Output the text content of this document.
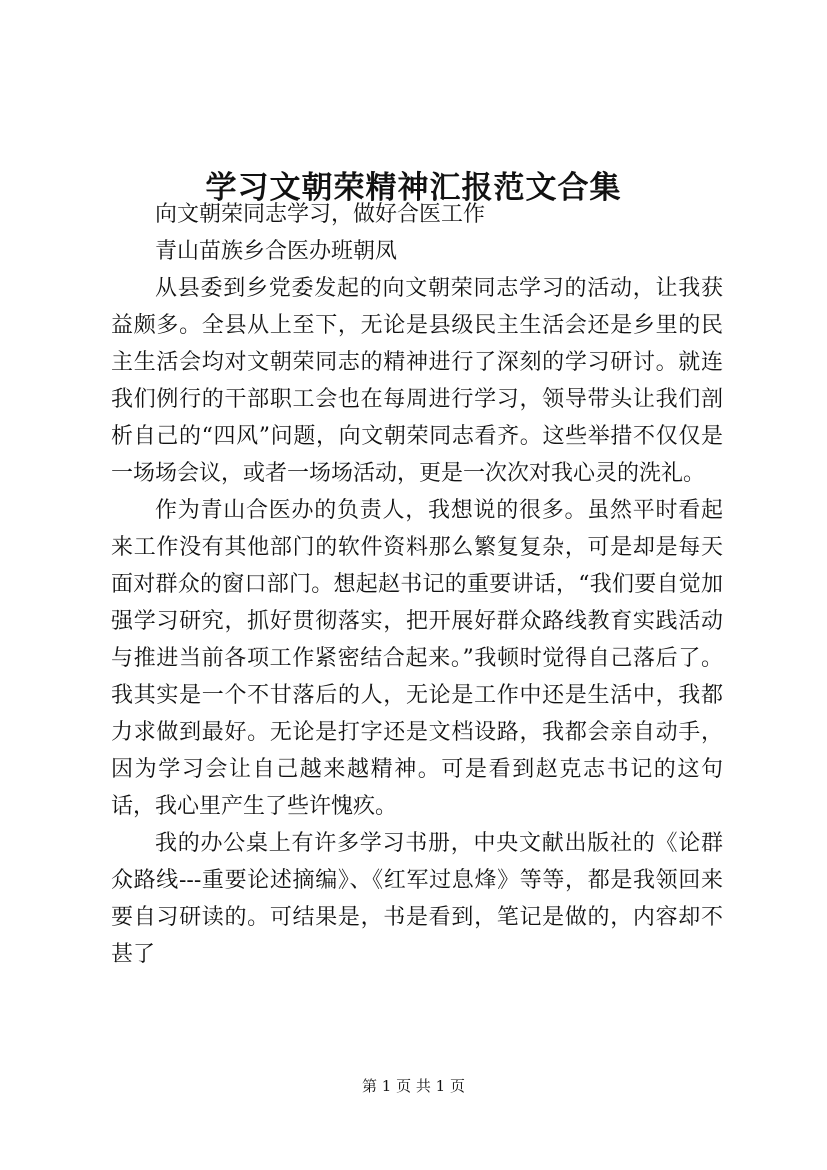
学习文朝荣精神汇报范文合集

向文朝荣同志学习，做好合医工作

青山苗族乡合医办班朝凤

从县委到乡党委发起的向文朝荣同志学习的活动，让我获益颇多。全县从上至下，无论是县级民主生活会还是乡里的民主生活会均对文朝荣同志的精神进行了深刻的学习研讨。就连我们例行的干部职工会也在每周进行学习，领导带头让我们剖析自己的“四风”问题，向文朝荣同志看齐。这些举措不仅仅是一场场会议，或者一场场活动，更是一次次对我心灵的洗礼。

作为青山合医办的负责人，我想说的很多。虽然平时看起来工作没有其他部门的软件资料那么繁复复杂，可是却是每天面对群众的窗口部门。想起赵书记的重要讲话，“我们要自觉加强学习研究，抓好贯彻落实，把开展好群众路线教育实践活动与推进当前各项工作紧密结合起来。”我顿时觉得自己落后了。我其实是一个不甘落后的人，无论是工作中还是生活中，我都力求做到最好。无论是打字还是文档设路，我都会亲自动手，因为学习会让自己越来越精神。可是看到赵克志书记的这句话，我心里产生了些许愧疚。

我的办公桌上有许多学习书册，中央文献出版社的《论群众路线---重要论述摘编》、《红军过息烽》等等，都是我领回来要自习研读的。可结果是，书是看到，笔记是做的，内容却不甚了

第 1 页 共 1 页
